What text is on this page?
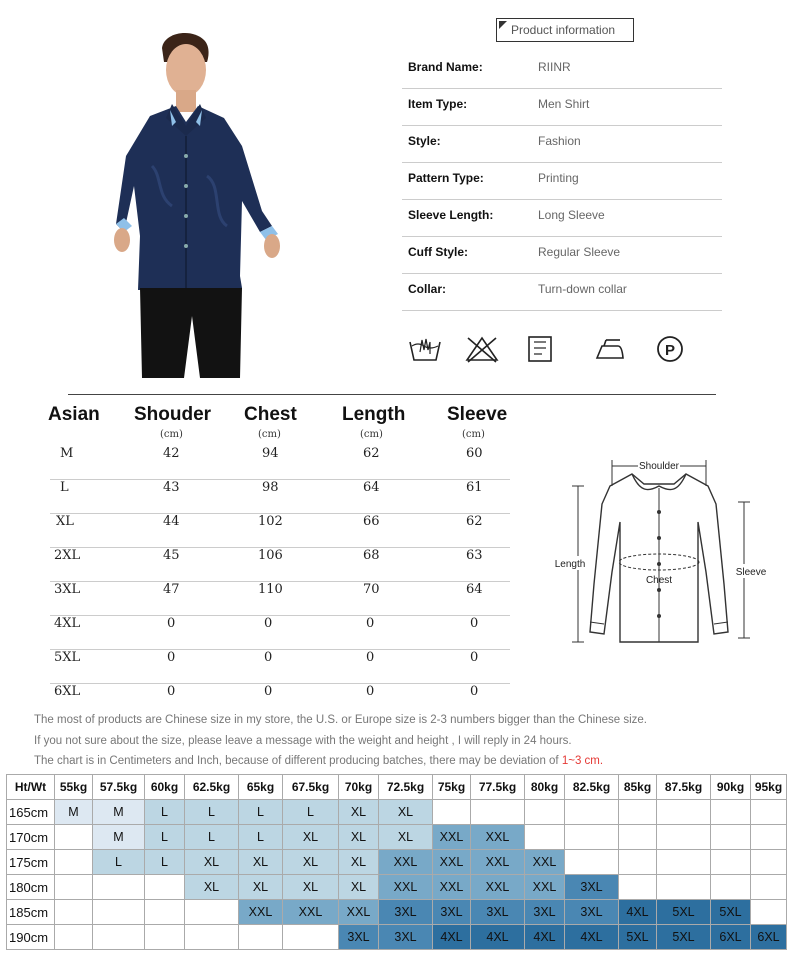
Product information
Brand Name:	RIINR
Item Type:	Men Shirt
Style:	Fashion
Pattern Type:	Printing
Sleeve Length:	Long Sleeve
Cuff Style:	Regular Sleeve
Collar:	Turn-down collar
P
Asian Shouder Chest Length Sleeve
(cm)	(cm)	(cm)	(cm)
M	42	94	62	60
L	43	98	64	61
XL	44	102	66	62
2XL	45	106	68	63
3XL	47	110	70	64
4XL	0	0	0	0
5XL	0	0	0	0
6XL	0	0	0	0
Shoulder
Chest
Length
Sleeve
The most of products are Chinese size in my store, the U.S. or Europe size is 2-3 numbers bigger than the Chinese size.
If you not sure about the size, please leave a message with the weight and height , I will reply in 24 hours.
The chart is in Centimeters and Inch, because of different producing batches, there may be deviation of 1~3 cm.
Ht/Wt	55kg	57.5kg	60kg	62.5kg	65kg	67.5kg	70kg	72.5kg	75kg	77.5kg	80kg	82.5kg	85kg	87.5kg	90kg	95kg
165cm	M	M	L	L	L	L	XL	XL								
170cm		M	L	L	L	XL	XL	XL	XXL	XXL						
175cm		L	L	XL	XL	XL	XL	XXL	XXL	XXL	XXL					
180cm				XL	XL	XL	XL	XXL	XXL	XXL	XXL	3XL				
185cm					XXL	XXL	XXL	3XL	3XL	3XL	3XL	3XL	4XL	5XL	5XL	
190cm							3XL	3XL	4XL	4XL	4XL	4XL	5XL	5XL	6XL	6XL
